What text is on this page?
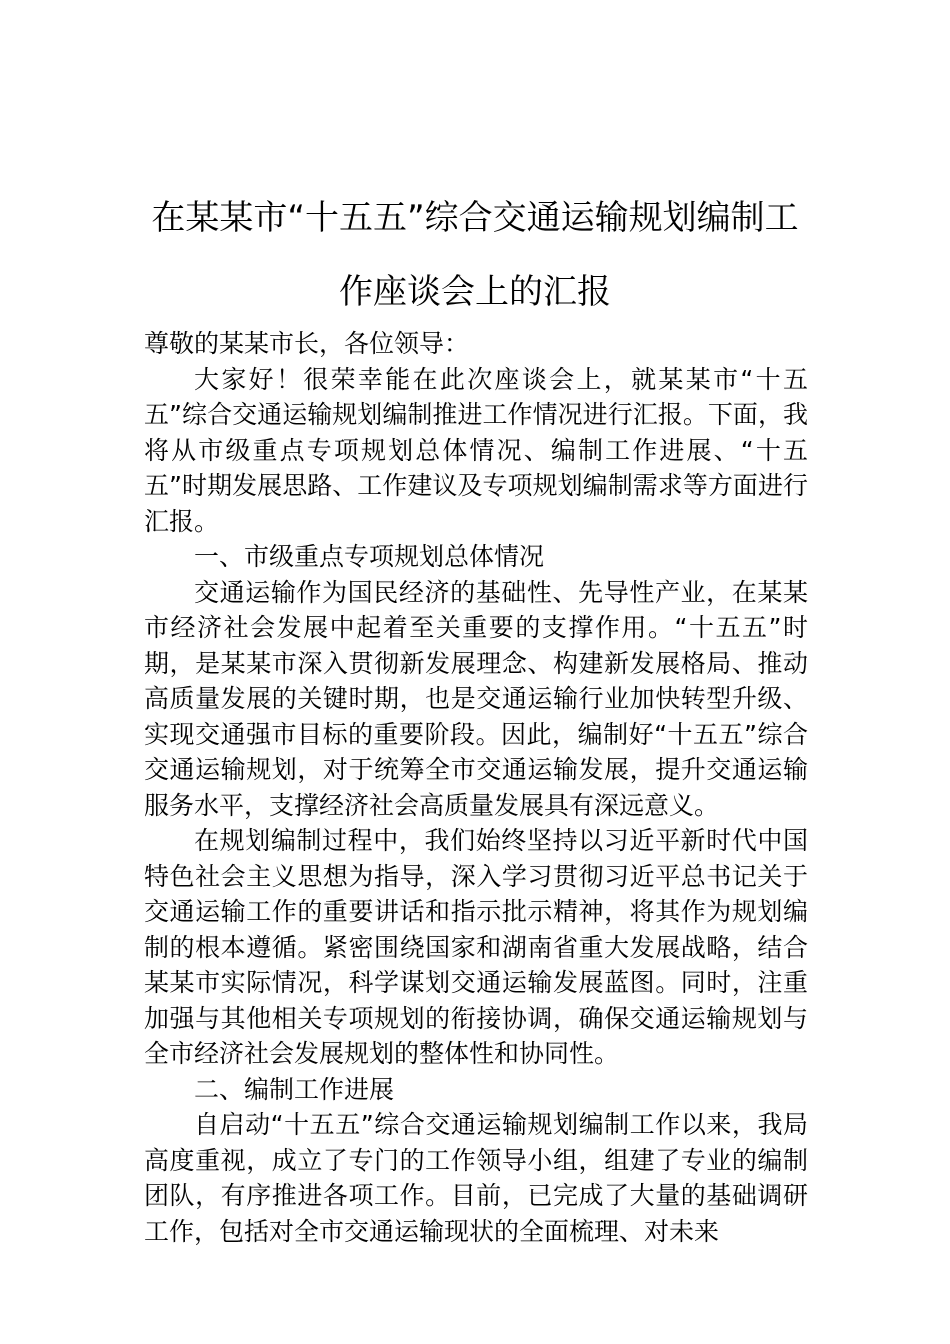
在某某市“十五五”综合交通运输规划编制工
作座谈会上的汇报

尊敬的某某市长，各位领导：

大家好！很荣幸能在此次座谈会上，就某某市“十五五”综合交通运输规划编制推进工作情况进行汇报。下面，我将从市级重点专项规划总体情况、编制工作进展、“十五五”时期发展思路、工作建议及专项规划编制需求等方面进行汇报。

一、市级重点专项规划总体情况

交通运输作为国民经济的基础性、先导性产业，在某某市经济社会发展中起着至关重要的支撑作用。“十五五”时期，是某某市深入贯彻新发展理念、构建新发展格局、推动高质量发展的关键时期，也是交通运输行业加快转型升级、实现交通强市目标的重要阶段。因此，编制好“十五五”综合交通运输规划，对于统筹全市交通运输发展，提升交通运输服务水平，支撑经济社会高质量发展具有深远意义。

在规划编制过程中，我们始终坚持以习近平新时代中国特色社会主义思想为指导，深入学习贯彻习近平总书记关于交通运输工作的重要讲话和指示批示精神，将其作为规划编制的根本遵循。紧密围绕国家和湖南省重大发展战略，结合某某市实际情况，科学谋划交通运输发展蓝图。同时，注重加强与其他相关专项规划的衔接协调，确保交通运输规划与全市经济社会发展规划的整体性和协同性。

二、编制工作进展

自启动“十五五”综合交通运输规划编制工作以来，我局高度重视，成立了专门的工作领导小组，组建了专业的编制团队，有序推进各项工作。目前，已完成了大量的基础调研工作，包括对全市交通运输现状的全面梳理、对未来
